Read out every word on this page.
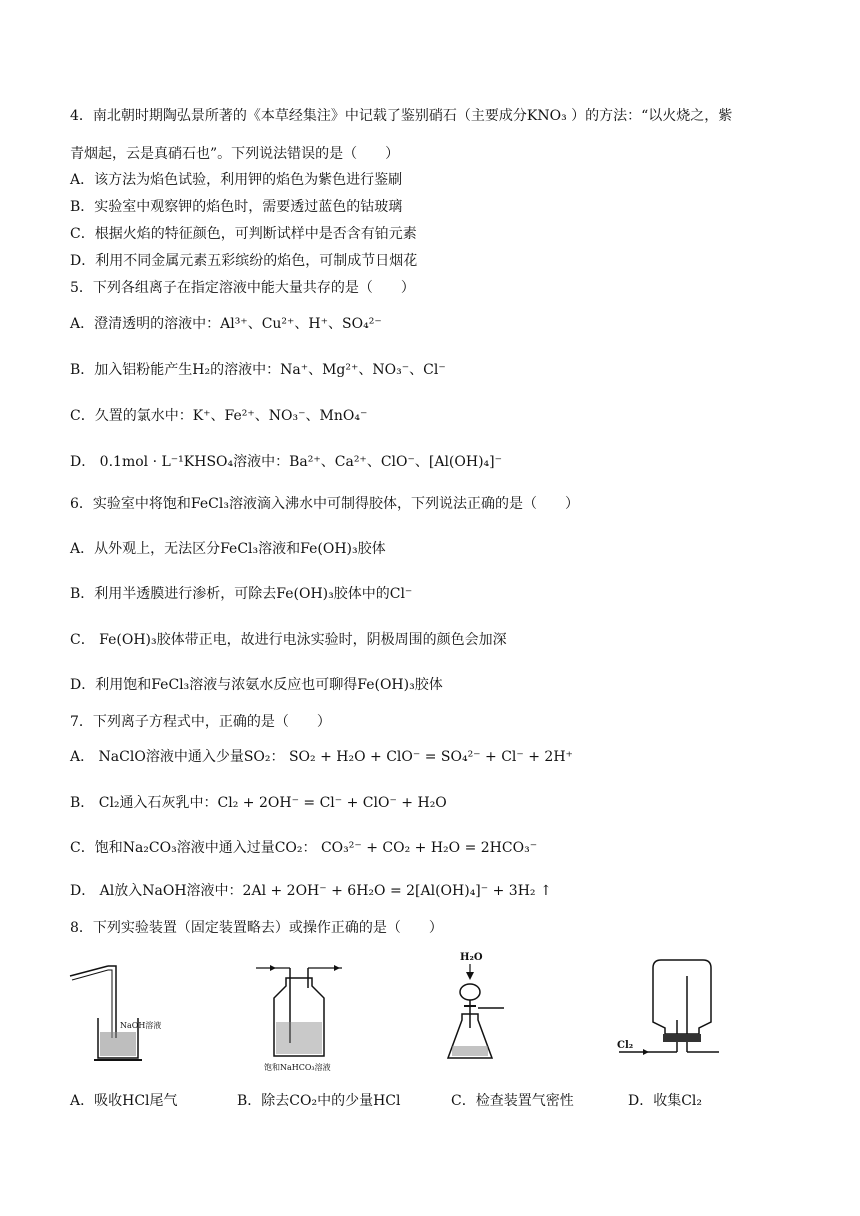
4．南北朝时期陶弘景所著的《本草经集注》中记载了鉴别硝石（主要成分KNO₃ ）的方法：“以火烧之，紫
青烟起，云是真硝石也”。下列说法错误的是（　　）
A．该方法为焰色试验，利用钾的焰色为紫色进行鉴刷
B．实验室中观察钾的焰色时，需要透过蓝色的钴玻璃
C．根据火焰的特征颜色，可判断试样中是否含有铂元素
D．利用不同金属元素五彩缤纷的焰色，可制成节日烟花
5．下列各组离子在指定溶液中能大量共存的是（　　）
A．澄清透明的溶液中：Al³⁺、Cu²⁺、H⁺、SO₄²⁻
B．加入铝粉能产生H₂的溶液中：Na⁺、Mg²⁺、NO₃⁻、Cl⁻
C．久置的氯水中：K⁺、Fe²⁺、NO₃⁻、MnO₄⁻
D． 0.1mol · L⁻¹KHSO₄溶液中：Ba²⁺、Ca²⁺、ClO⁻、[Al(OH)₄]⁻
6．实验室中将饱和FeCl₃溶液滴入沸水中可制得胶体，下列说法正确的是（　　）
A．从外观上，无法区分FeCl₃溶液和Fe(OH)₃胶体
B．利用半透膜进行渗析，可除去Fe(OH)₃胶体中的Cl⁻
C． Fe(OH)₃胶体带正电，故进行电泳实验时，阴极周围的颜色会加深
D．利用饱和FeCl₃溶液与浓氨水反应也可聊得Fe(OH)₃胶体
7．下列离子方程式中，正确的是（　　）
A． NaClO溶液中通入少量SO₂： SO₂ + H₂O + ClO⁻ = SO₄²⁻ + Cl⁻ + 2H⁺
B． Cl₂通入石灰乳中：Cl₂ + 2OH⁻ = Cl⁻ + ClO⁻ + H₂O
C．饱和Na₂CO₃溶液中通入过量CO₂： CO₃²⁻ + CO₂ + H₂O = 2HCO₃⁻
D． Al放入NaOH溶液中：2Al + 2OH⁻ + 6H₂O = 2[Al(OH)₄]⁻ + 3H₂ ↑
8．下列实验装置（固定装置略去）或操作正确的是（　　）
NaOH溶液
饱和NaHCO₃溶液
H₂O
Cl₂
A．吸收HCl尾气	B．除去CO₂中的少量HCl	C．检查装置气密性	D．收集Cl₂
